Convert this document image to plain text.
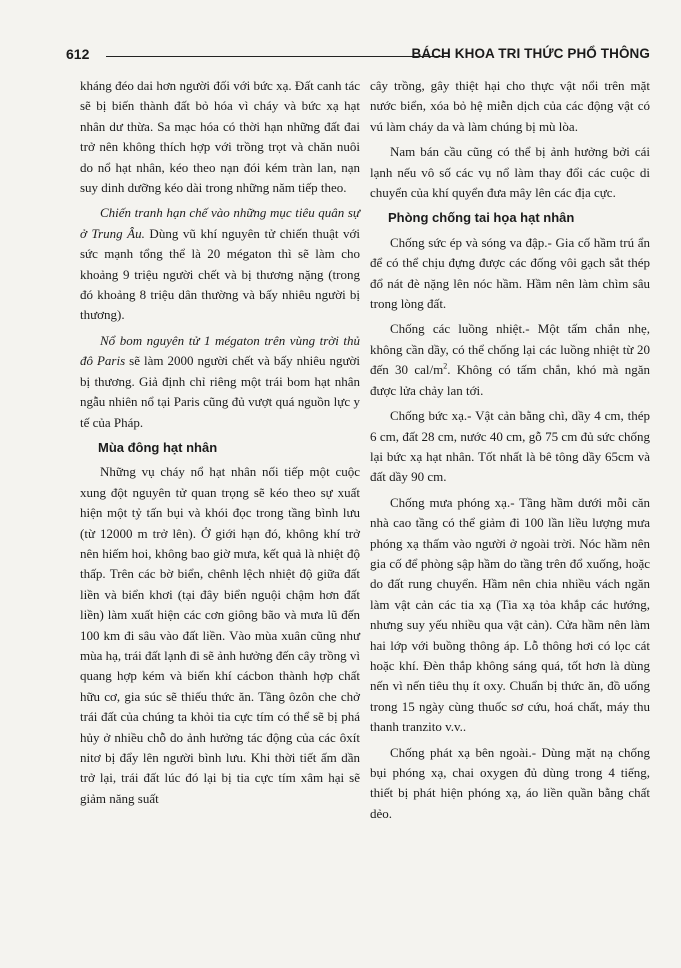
612	BÁCH KHOA TRI THỨC PHỔ THÔNG

kháng đéo dai hơn người đối với bức xạ. Đất canh tác sẽ bị biến thành đất bỏ hóa vì cháy và bức xạ hạt nhân dư thừa. Sa mạc hóa có thời hạn những đất đai trở nên không thích hợp với trồng trọt và chăn nuôi do nổ hạt nhân, kéo theo nạn đói kém tràn lan, nạn suy dinh dưỡng kéo dài trong những năm tiếp theo.

Chiến tranh hạn chế vào những mục tiêu quân sự ở Trung Âu. Dùng vũ khí nguyên tử chiến thuật với sức mạnh tổng thể là 20 mégaton thì sẽ làm cho khoảng 9 triệu người chết và bị thương nặng (trong đó khoảng 8 triệu dân thường và bấy nhiêu người bị thương).

Nổ bom nguyên tử 1 mégaton trên vùng trời thủ đô Paris sẽ làm 2000 người chết và bấy nhiêu người bị thương. Giả định chỉ riêng một trái bom hạt nhân ngẫu nhiên nổ tại Paris cũng đủ vượt quá nguồn lực y tế của Pháp.

Mùa đông hạt nhân

Những vụ cháy nổ hạt nhân nối tiếp một cuộc xung đột nguyên tử quan trọng sẽ kéo theo sự xuất hiện một tỷ tấn bụi và khói đọc trong tầng bình lưu (từ 12000 m trở lên). Ở giới hạn đó, không khí trở nên hiếm hoi, không bao giờ mưa, kết quả là nhiệt độ thấp. Trên các bờ biển, chênh lệch nhiệt độ giữa đất liền và biển khơi (tại đây biển nguội chậm hơn đất liền) làm xuất hiện các cơn giông bão và mưa lũ đến 100 km đi sâu vào đất liền. Vào mùa xuân cũng như mùa hạ, trái đất lạnh đi sẽ ảnh hưởng đến cây trồng vì quang hợp kém và biến khí cácbon thành hợp chất hữu cơ, gia súc sẽ thiếu thức ăn. Tầng ôzôn che chở trái đất của chúng ta khỏi tia cực tím có thể sẽ bị phá hủy ở nhiều chỗ do ảnh hưởng tác động của các ôxít nitơ bị đẩy lên người bình lưu. Khi thời tiết ấm dần trở lại, trái đất lúc đó lại bị tia cực tím xâm hại sẽ giảm năng suất

cây trồng, gây thiệt hại cho thực vật nổi trên mặt nước biển, xóa bỏ hệ miễn dịch của các động vật có vú làm cháy da và làm chúng bị mù lòa.

Nam bán cầu cũng có thể bị ảnh hưởng bởi cái lạnh nếu vô số các vụ nổ làm thay đổi các cuộc di chuyển của khí quyển đưa mây lên các địa cực.

Phòng chống tai họa hạt nhân

Chống sức ép và sóng va đập.- Gia cố hầm trú ẩn để có thể chịu đựng được các đống vôi gạch sắt thép đổ nát đè nặng lên nóc hầm. Hầm nên làm chìm sâu trong lòng đất.

Chống các luồng nhiệt.- Một tấm chắn nhẹ, không cần dầy, có thể chống lại các luồng nhiệt từ 20 đến 30 cal/$m^2$. Không có tấm chắn, khó mà ngăn được lửa chảy lan tới.

Chống bức xạ.- Vật cản bằng chì, dầy 4 cm, thép 6 cm, đất 28 cm, nước 40 cm, gỗ 75 cm đủ sức chống lại bức xạ hạt nhân. Tốt nhất là bê tông dầy 65cm và đất dầy 90 cm.

Chống mưa phóng xạ.- Tầng hầm dưới mỗi căn nhà cao tầng có thể giảm đi 100 lần liều lượng mưa phóng xạ thấm vào người ở ngoài trời. Nóc hầm nên gia cố để phòng sập hầm do tầng trên đổ xuống, hoặc do đất rung chuyển. Hầm nên chia nhiều vách ngăn làm vật cản các tia xạ (Tia xạ tỏa khắp các hướng, nhưng suy yếu nhiều qua vật cản). Cửa hầm nên làm hai lớp với buồng thông áp. Lỗ thông hơi có lọc cát hoặc khí. Đèn thắp không sáng quá, tốt hơn là dùng nến vì nến tiêu thụ ít oxy. Chuẩn bị thức ăn, đồ uống trong 15 ngày cùng thuốc sơ cứu, hoá chất, máy thu thanh tranzito v.v..

Chống phát xạ bên ngoài.- Dùng mặt nạ chống bụi phóng xạ, chai oxygen đủ dùng trong 4 tiếng, thiết bị phát hiện phóng xạ, áo liền quần bằng chất dẻo.
